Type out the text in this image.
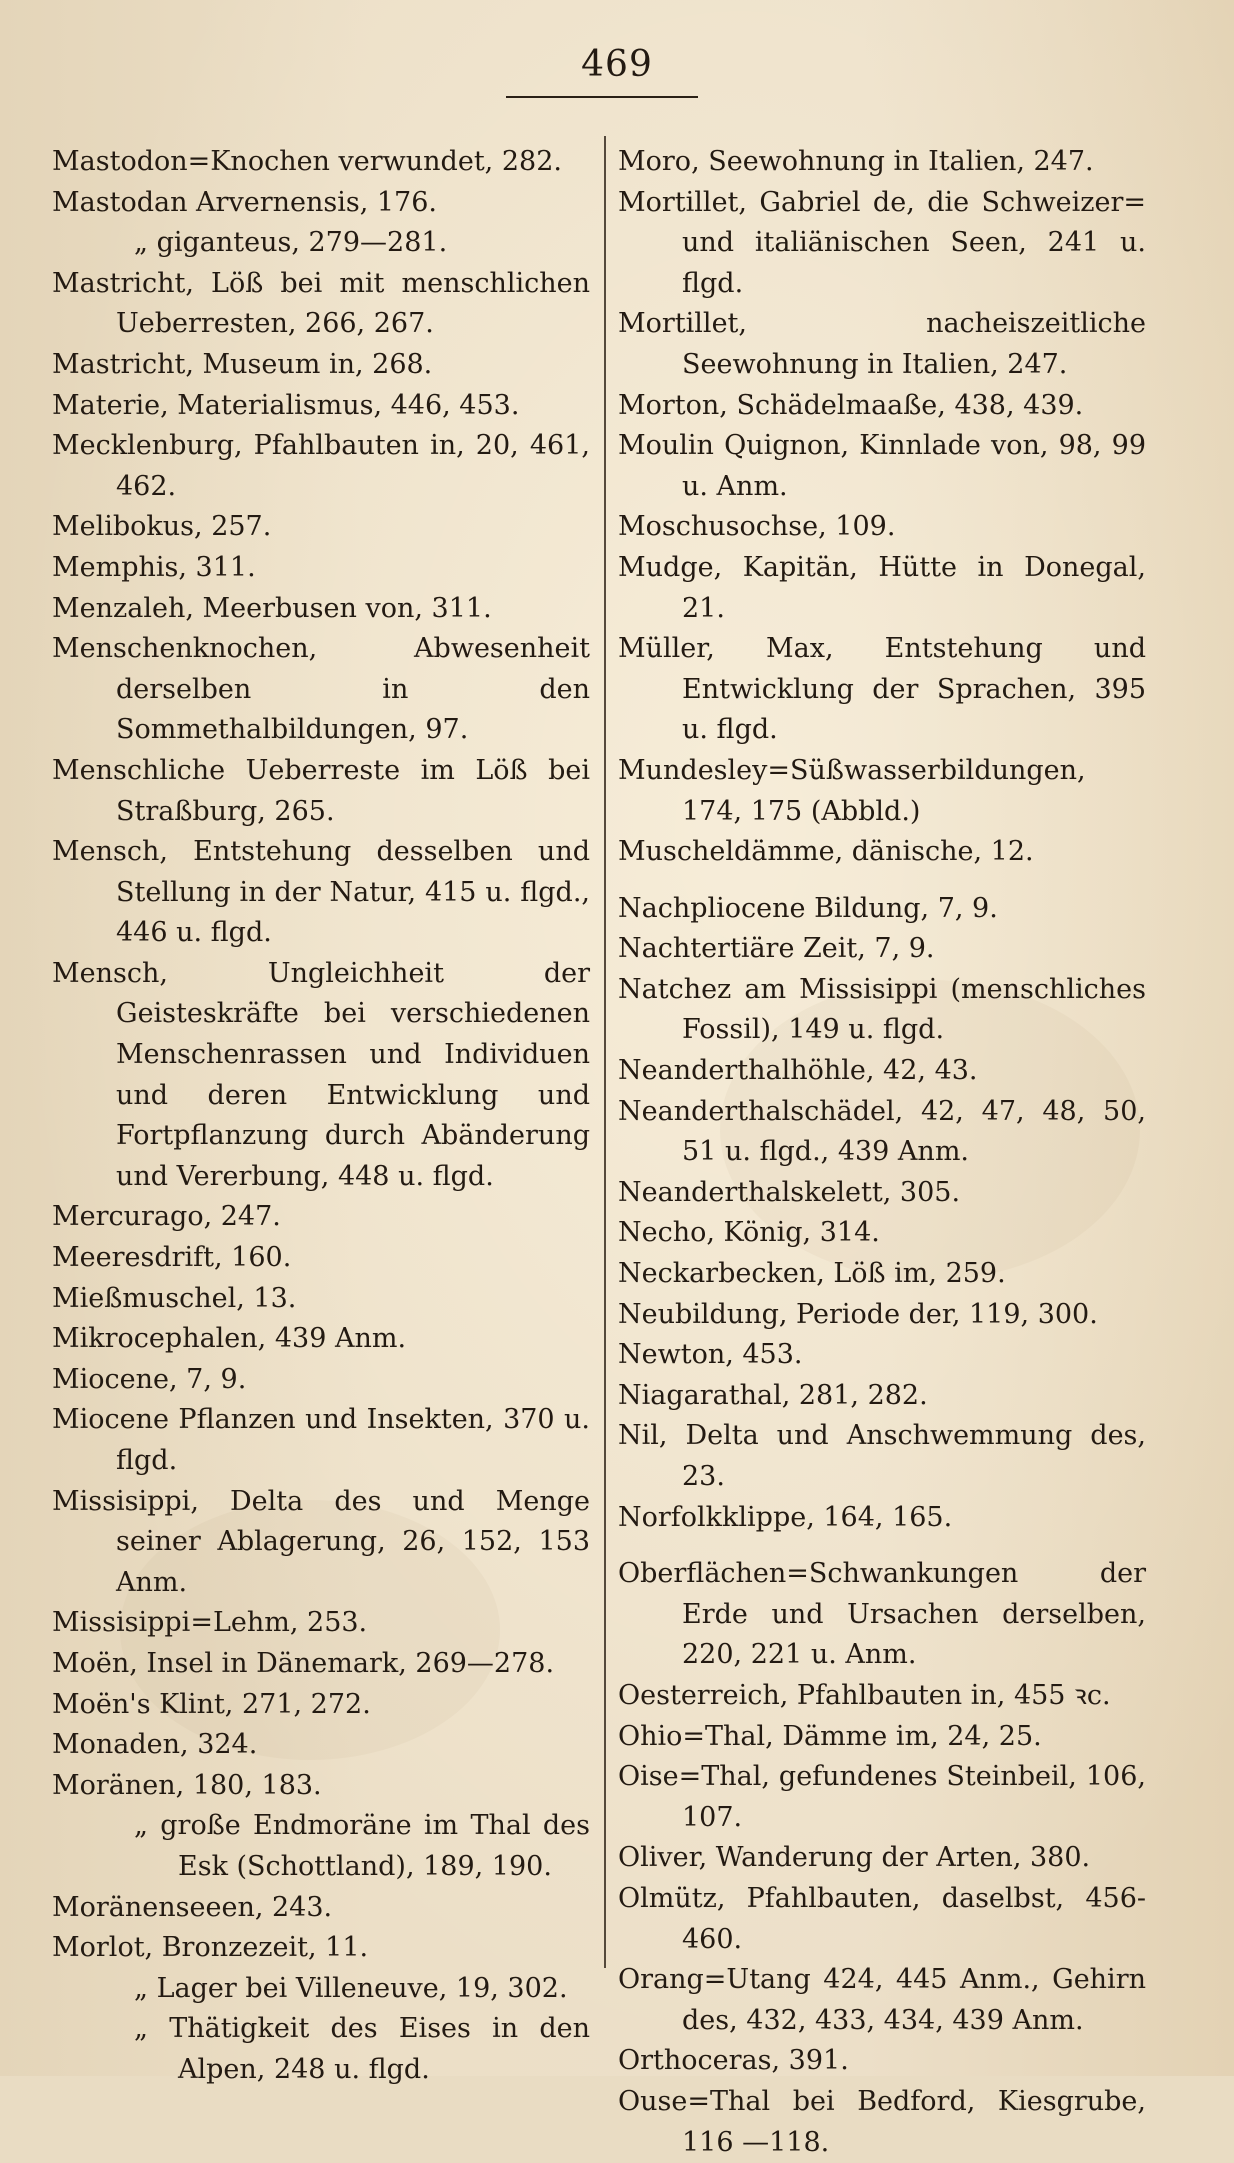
469
Mastodon=Knochen verwundet, 282.
Mastodan Arvernensis, 176.
„ giganteus, 279—281.
Mastricht, Löß bei mit menschlichen Ueberresten, 266, 267.
Mastricht, Museum in, 268.
Materie, Materialismus, 446, 453.
Mecklenburg, Pfahlbauten in, 20, 461, 462.
Melibokus, 257.
Memphis, 311.
Menzaleh, Meerbusen von, 311.
Menschenknochen, Abwesenheit derselben in den Sommethalbildungen, 97.
Menschliche Ueberreste im Löß bei Straßburg, 265.
Mensch, Entstehung desselben und Stellung in der Natur, 415 u. flgd., 446 u. flgd.
Mensch, Ungleichheit der Geisteskräfte bei verschiedenen Menschenrassen und Individuen und deren Entwicklung und Fortpflanzung durch Abänderung und Vererbung, 448 u. flgd.
Mercurago, 247.
Meeresdrift, 160.
Mießmuschel, 13.
Mikrocephalen, 439 Anm.
Miocene, 7, 9.
Miocene Pflanzen und Insekten, 370 u. flgd.
Missisippi, Delta des und Menge seiner Ablagerung, 26, 152, 153 Anm.
Missisippi=Lehm, 253.
Moën, Insel in Dänemark, 269—278.
Moën's Klint, 271, 272.
Monaden, 324.
Moränen, 180, 183.
„ große Endmoräne im Thal des Esk (Schottland), 189, 190.
Moränenseeen, 243.
Morlot, Bronzezeit, 11.
„ Lager bei Villeneuve, 19, 302.
„ Thätigkeit des Eises in den Alpen, 248 u. flgd.
Moro, Seewohnung in Italien, 247.
Mortillet, Gabriel de, die Schweizer= und italiänischen Seen, 241 u. flgd.
Mortillet, nacheiszeitliche Seewohnung in Italien, 247.
Morton, Schädelmaaße, 438, 439.
Moulin Quignon, Kinnlade von, 98, 99 u. Anm.
Moschusochse, 109.
Mudge, Kapitän, Hütte in Donegal, 21.
Müller, Max, Entstehung und Entwicklung der Sprachen, 395 u. flgd.
Mundesley=Süßwasserbildungen, 174, 175 (Abbld.)
Muscheldämme, dänische, 12.
Nachpliocene Bildung, 7, 9.
Nachtertiäre Zeit, 7, 9.
Natchez am Missisippi (menschliches Fossil), 149 u. flgd.
Neanderthalhöhle, 42, 43.
Neanderthalschädel, 42, 47, 48, 50, 51 u. flgd., 439 Anm.
Neanderthalskelett, 305.
Necho, König, 314.
Neckarbecken, Löß im, 259.
Neubildung, Periode der, 119, 300.
Newton, 453.
Niagarathal, 281, 282.
Nil, Delta und Anschwemmung des, 23.
Norfolkklippe, 164, 165.
Oberflächen=Schwankungen der Erde und Ursachen derselben, 220, 221 u. Anm.
Oesterreich, Pfahlbauten in, 455 ꝛc.
Ohio=Thal, Dämme im, 24, 25.
Oise=Thal, gefundenes Steinbeil, 106, 107.
Oliver, Wanderung der Arten, 380.
Olmütz, Pfahlbauten, daselbst, 456-460.
Orang=Utang 424, 445 Anm., Gehirn des, 432, 433, 434, 439 Anm.
Orthoceras, 391.
Ouse=Thal bei Bedford, Kiesgrube, 116 —118.
